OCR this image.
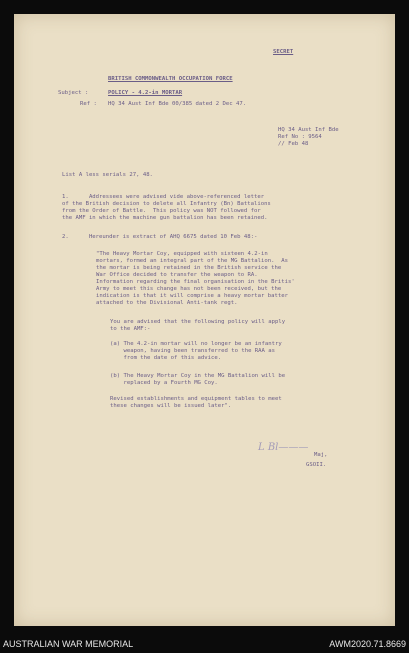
SECRET
BRITISH COMMONWEALTH OCCUPATION FORCE
Subject :	POLICY - 4.2-in MORTAR
Ref : HQ 34 Aust Inf Bde 00/385 dated 2 Dec 47.
HQ 34 Aust Inf Bde
Ref No : 9564
// Feb 48
List A less serials 27, 48.
1.      Addressees were advised vide above-referenced letter
of the British decision to delete all Infantry (Bn) Battalions
from the Order of Battle.  This policy was NOT followed for
the AMF in which the machine gun battalion has been retained.
2.      Hereunder is extract of AHQ 6675 dated 10 Feb 48:-
"The Heavy Mortar Coy, equipped with sixteen 4.2-in
mortars, formed an integral part of the MG Battalion.  As
the mortar is being retained in the British service the
War Office decided to transfer the weapon to RA.
Information regarding the final organisation in the Britis'
Army to meet this change has not been received, but the
indication is that it will comprise a heavy mortar batter
attached to the Divisional Anti-tank regt.
You are advised that the following policy will apply
to the AMF:-
(a) The 4.2-in mortar will no longer be an infantry
weapon, having been transferred to the RAA as
from the date of this advice.
(b) The Heavy Mortar Coy in the MG Battalion will be
replaced by a Fourth MG Coy.
Revised establishments and equipment tables to meet
these changes will be issued later".
L Bl———
Maj,
GSOII.
AUSTRALIAN WAR MEMORIAL	AWM2020.71.8669
